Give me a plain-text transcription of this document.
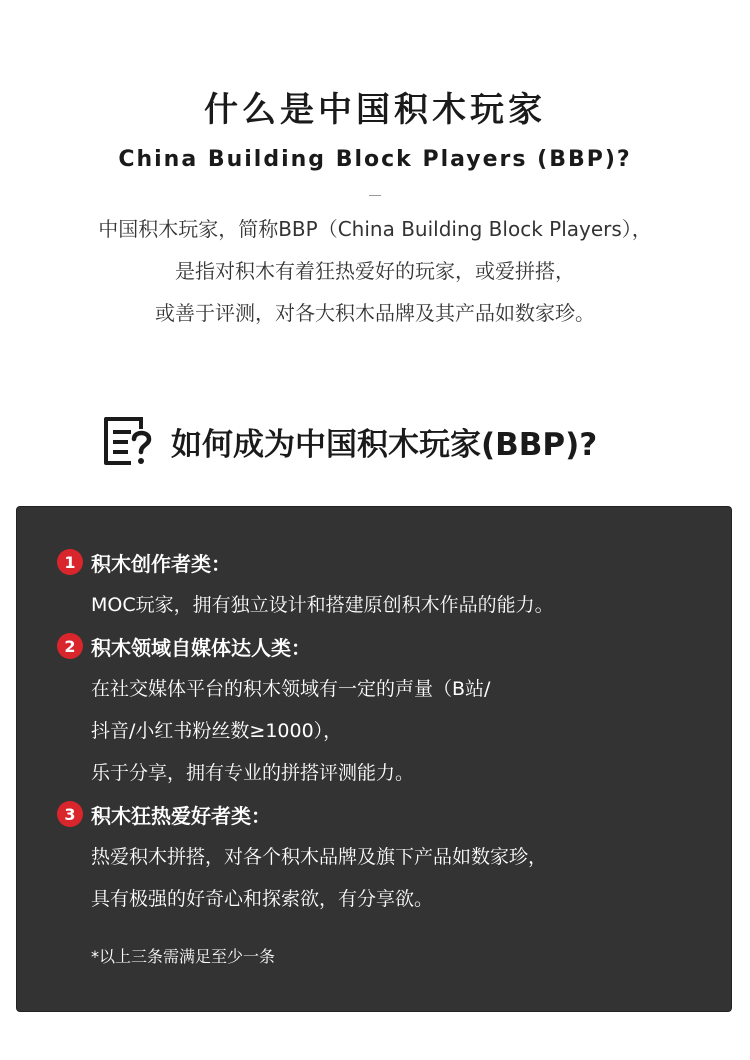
什么是中国积木玩家
China Building Block Players (BBP)?
中国积木玩家，简称BBP（China Building Block Players），
是指对积木有着狂热爱好的玩家，或爱拼搭，
或善于评测，对各大积木品牌及其产品如数家珍。
如何成为中国积木玩家(BBP)?
1 积木创作者类：
MOC玩家，拥有独立设计和搭建原创积木作品的能力。
2 积木领域自媒体达人类：
在社交媒体平台的积木领域有一定的声量（B站/
抖音/小红书粉丝数≥1000），
乐于分享，拥有专业的拼搭评测能力。
3 积木狂热爱好者类：
热爱积木拼搭，对各个积木品牌及旗下产品如数家珍，
具有极强的好奇心和探索欲，有分享欲。
*以上三条需满足至少一条
